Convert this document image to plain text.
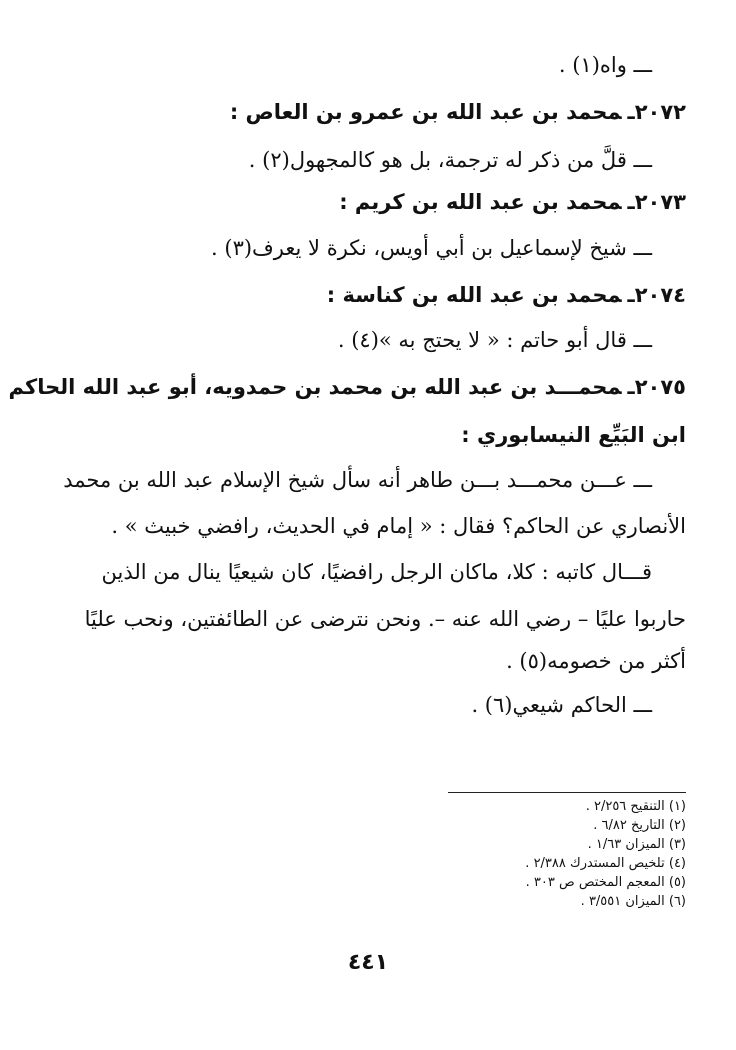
ـــ واه(١) .
٢٠٧٢ـمحمد بن عبد الله بن عمرو بن العاص :
ـــ قلَّ من ذكر له ترجمة، بل هو كالمجهول(٢) .
٢٠٧٣ـمحمد بن عبد الله بن كريم :
ـــ شيخ لإسماعيل بن أبي أويس، نكرة لا يعرف(٣) .
٢٠٧٤ـمحمد بن عبد الله بن كناسة :
ـــ قال أبو حاتم : « لا يحتج به »(٤) .
٢٠٧٥ـمحمـــد بن عبد الله بن محمد بن حمدويه، أبو عبد الله الحاكم
ابن البَيِّع النيسابوري :
ـــ عـــن محمـــد بـــن طاهر أنه سأل شيخ الإسلام عبد الله بن محمد
الأنصاري عن الحاكم؟ فقال : « إمام في الحديث، رافضي خبيث » .
قـــال كاتبه : كلا، ماكان الرجل رافضيًا، كان شيعيًا ينال من الذين
حاربوا عليًا – رضي الله عنه –. ونحن نترضى عن الطائفتين، ونحب عليًا
أكثر من خصومه(٥) .
ـــ الحاكم شيعي(٦) .
(١) التنقيح ٢/٢٥٦ .
(٢) التاريخ ٦/٨٢ .
(٣) الميزان ١/٦٣ .
(٤) تلخيص المستدرك ٢/٣٨٨ .
(٥) المعجم المختص ص ٣٠٣ .
(٦) الميزان ٣/٥٥١ .
٤٤١
